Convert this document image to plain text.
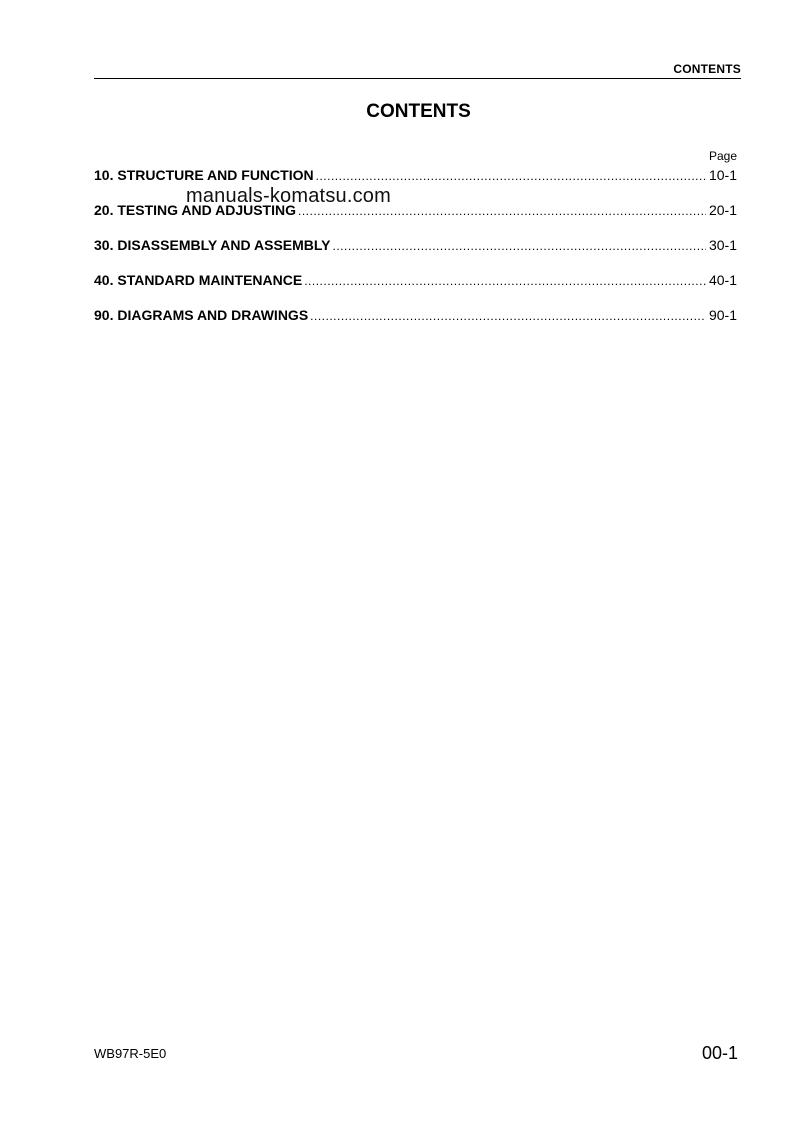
CONTENTS
CONTENTS
Page
10. STRUCTURE AND FUNCTION .....	10-1
20. TESTING AND ADJUSTING .....	20-1
30. DISASSEMBLY AND ASSEMBLY .....	30-1
40. STANDARD MAINTENANCE .....	40-1
90. DIAGRAMS AND DRAWINGS .....	90-1
manuals-komatsu.com
WB97R-5E0	00-1
